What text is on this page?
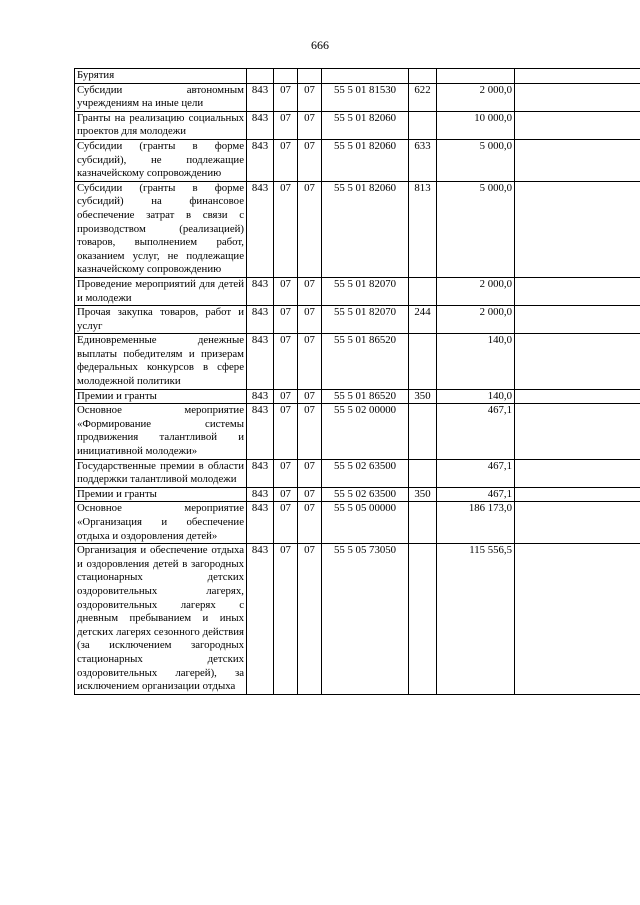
666
Бурятия							
Субсидии автономным учреждениям на иные цели	843	07	07	55 5 01 81530	622	2 000,0	
Гранты на реализацию социальных проектов для молодежи	843	07	07	55 5 01 82060		10 000,0	
Субсидии (гранты в форме субсидий), не подлежащие казначейскому сопровождению	843	07	07	55 5 01 82060	633	5 000,0	
Субсидии (гранты в форме субсидий) на финансовое обеспечение затрат в связи с производством (реализацией) товаров, выполнением работ, оказанием услуг, не подлежащие казначейскому сопровождению	843	07	07	55 5 01 82060	813	5 000,0	
Проведение мероприятий для детей и молодежи	843	07	07	55 5 01 82070		2 000,0	
Прочая закупка товаров, работ и услуг	843	07	07	55 5 01 82070	244	2 000,0	
Единовременные денежные выплаты победителям и призерам федеральных конкурсов в сфере молодежной политики	843	07	07	55 5 01 86520		140,0	
Премии и гранты	843	07	07	55 5 01 86520	350	140,0	
Основное мероприятие «Формирование системы продвижения талантливой и инициативной молодежи»	843	07	07	55 5 02 00000		467,1	
Государственные премии в области поддержки талантливой молодежи	843	07	07	55 5 02 63500		467,1	
Премии и гранты	843	07	07	55 5 02 63500	350	467,1	
Основное мероприятие «Организация и обеспечение отдыха и оздоровления детей»	843	07	07	55 5 05 00000		186 173,0	
Организация и обеспечение отдыха и оздоровления детей в загородных стационарных детских оздоровительных лагерях, оздоровительных лагерях с дневным пребыванием и иных детских лагерях сезонного действия (за исключением загородных стационарных детских оздоровительных лагерей), за исключением организации отдыха	843	07	07	55 5 05 73050		115 556,5	
